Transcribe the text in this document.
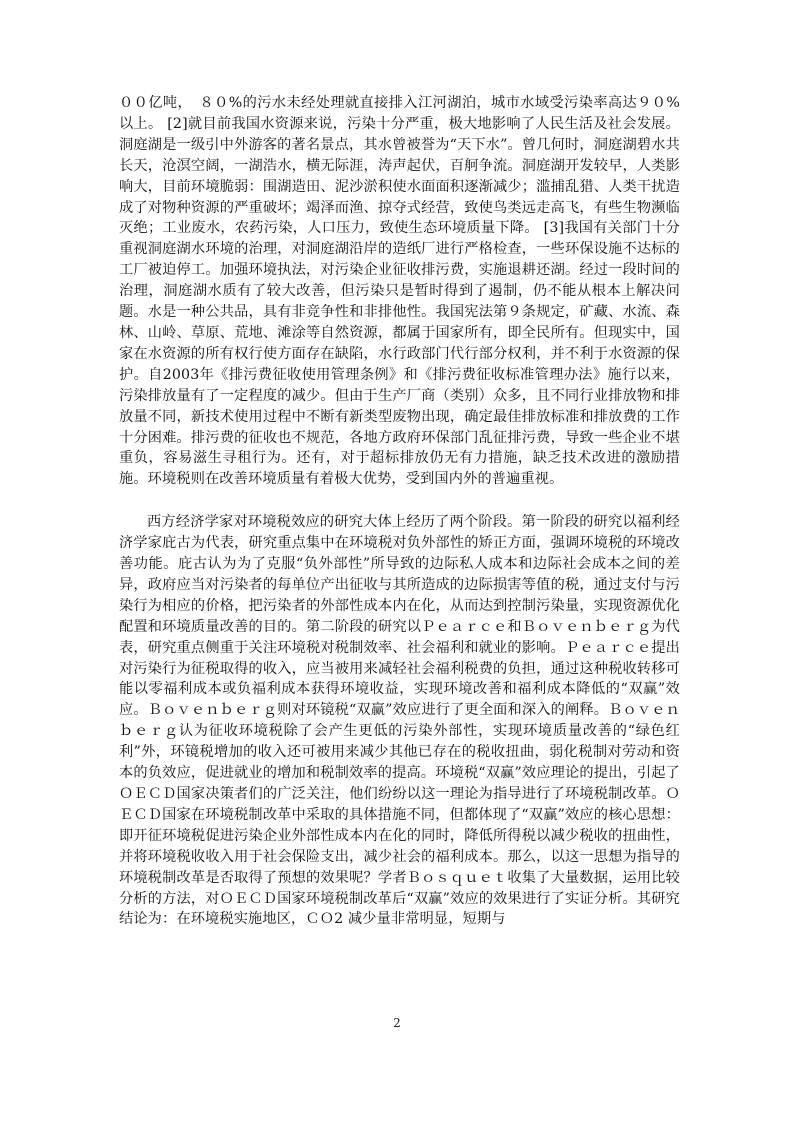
００亿吨，　８０%的污水未经处理就直接排入江河湖泊，城市水域受污染率高达９０%以上。 [2]就目前我国水资源来说，污染十分严重，极大地影响了人民生活及社会发展。洞庭湖是一级引中外游客的著名景点，其水曾被誉为“天下水”。曾几何时，洞庭湖碧水共长天，沧溟空阔，一湖浩水，横无际涯，涛声起伏，百舸争流。洞庭湖开发较早，人类影响大，目前环境脆弱：围湖造田、泥沙淤积使水面面积逐渐减少；滥捕乱猎、人类干扰造成了对物种资源的严重破坏；竭泽而渔、掠夺式经营，致使鸟类远走高飞，有些生物濒临灭绝；工业废水，农药污染，人口压力，致使生态环境质量下降。 [3]我国有关部门十分重视洞庭湖水环境的治理，对洞庭湖沿岸的造纸厂进行严格检查，一些环保设施不达标的工厂被迫停工。加强环境执法，对污染企业征收排污费，实施退耕还湖。经过一段时间的治理，洞庭湖水质有了较大改善，但污染只是暂时得到了遏制，仍不能从根本上解决问题。水是一种公共品，具有非竞争性和非排他性。我国宪法第９条规定，矿藏、水流、森林、山岭、草原、荒地、滩涂等自然资源，都属于国家所有，即全民所有。但现实中，国家在水资源的所有权行使方面存在缺陷，水行政部门代行部分权利，并不利于水资源的保护。自2003年《排污费征收使用管理条例》和《排污费征收标准管理办法》施行以来，污染排放量有了一定程度的减少。但由于生产厂商（类别）众多，且不同行业排放物和排放量不同，新技术使用过程中不断有新类型废物出现，确定最佳排放标准和排放费的工作十分困难。排污费的征收也不规范，各地方政府环保部门乱征排污费，导致一些企业不堪重负，容易滋生寻租行为。还有，对于超标排放仍无有力措施，缺乏技术改进的激励措施。环境税则在改善环境质量有着极大优势，受到国内外的普遍重视。

西方经济学家对环境税效应的研究大体上经历了两个阶段。第一阶段的研究以福利经济学家庇古为代表，研究重点集中在环境税对负外部性的矫正方面，强调环境税的环境改善功能。庇古认为为了克服“负外部性”所导致的边际私人成本和边际社会成本之间的差异，政府应当对污染者的每单位产出征收与其所造成的边际损害等值的税，通过支付与污染行为相应的价格，把污染者的外部性成本内在化，从而达到控制污染量，实现资源优化配置和环境质量改善的目的。第二阶段的研究以Ｐｅａｒｃｅ和Ｂｏｖｅｎｂｅｒｇ为代表，研究重点侧重于关注环境税对税制效率、社会福利和就业的影响。Ｐｅａｒｃｅ提出对污染行为征税取得的收入，应当被用来减轻社会福利税费的负担，通过这种税收转移可能以零福利成本或负福利成本获得环境收益，实现环境改善和福利成本降低的“双赢”效应。Ｂｏｖｅｎｂｅｒｇ则对环镜税“双赢”效应进行了更全面和深入的阐释。Ｂｏｖｅｎｂｅｒｇ认为征收环境税除了会产生更低的污染外部性，实现环境质量改善的“绿色红利”外，环镜税增加的收入还可被用来减少其他已存在的税收扭曲，弱化税制对劳动和资本的负效应，促进就业的增加和税制效率的提高。环境税“双赢”效应理论的提出，引起了ＯＥＣＤ国家决策者们的广泛关注，他们纷纷以这一理论为指导进行了环境税制改革。ＯＥＣＤ国家在环境税制改革中采取的具体措施不同，但都体现了“双赢”效应的核心思想：即开征环境税促进污染企业外部性成本内在化的同时，降低所得税以减少税收的扭曲性，并将环境税收收入用于社会保险支出，减少社会的福利成本。那么，以这一思想为指导的环境税制改革是否取得了预想的效果呢？学者Ｂｏｓｑｕｅｔ收集了大量数据，运用比较分析的方法，对ＯＥＣＤ国家环境税制改革后“双赢”效应的效果进行了实证分析。其研究结论为：在环境税实施地区，ＣＯ2 减少量非常明显，短期与

2
